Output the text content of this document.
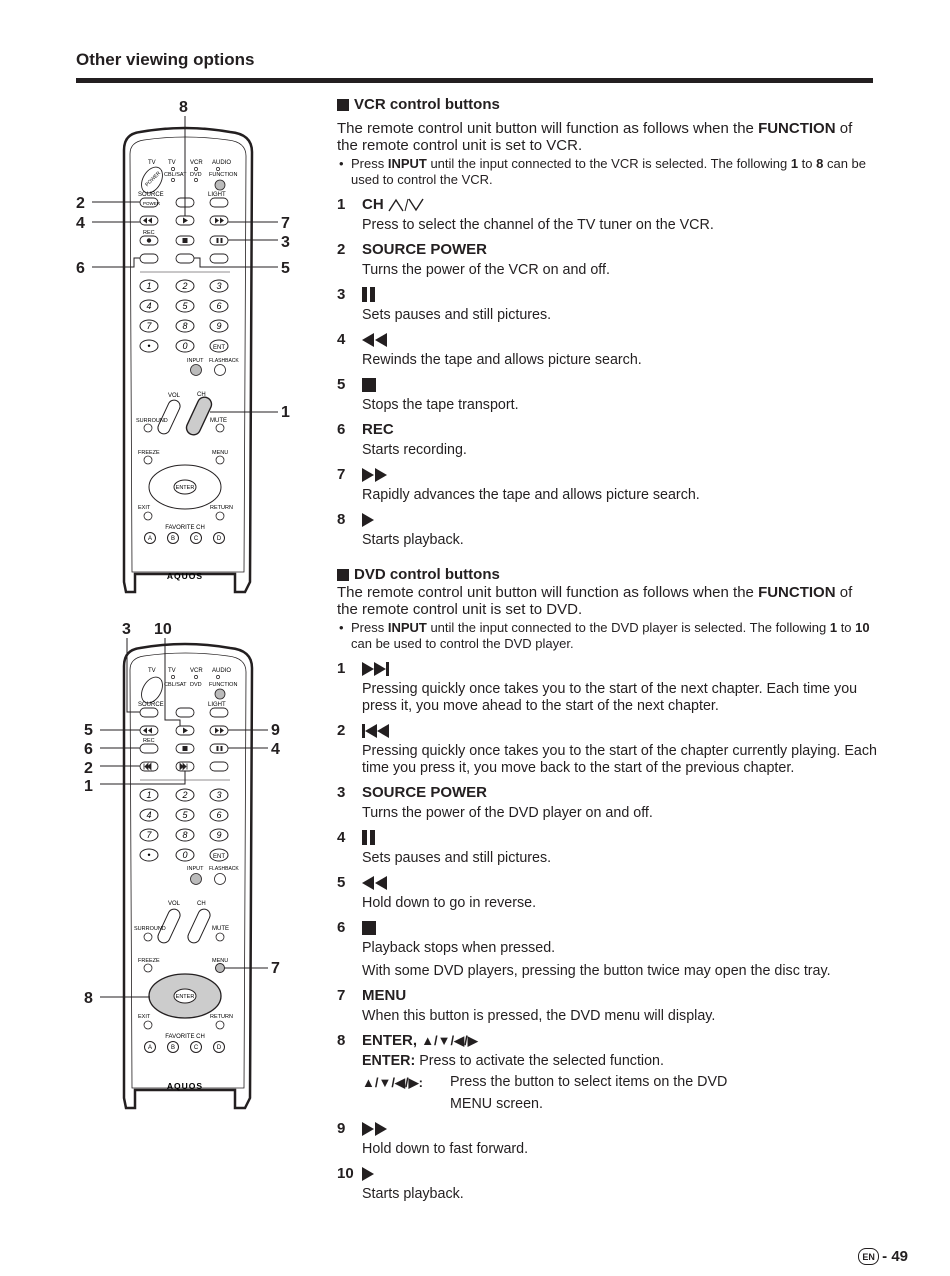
Other viewing options
TV TV VCR AUDIO
CBL/SAT DVD FUNCTION
POWER
SOURCE	LIGHT
POWER
REC
1	2	3
4	5	6
7	8	9
•	0	ENT
INPUT FLASHBACK
VOL	CH
SURROUND	MUTE
FREEZE	MENU
ENTER
EXIT	RETURN
FAVORITE CH
A	B	C	D
AQUOS
8
2
4
6
7
3
5
1
TV TV VCR AUDIO
CBL/SAT DVD FUNCTION
SOURCE	LIGHT
REC
1	2	3
4	5	6
7	8	9
•	0	ENT
INPUT FLASHBACK
VOL	CH
SURROUND	MUTE
FREEZE	MENU
ENTER
EXIT	RETURN
FAVORITE CH
A	B	C	D
AQUOS
3 10
5
6
2
1
9
4
7
8
VCR control buttons
The remote control unit button will function as follows when the FUNCTION of the remote control unit is set to VCR.
• Press INPUT until the input connected to the VCR is selected. The following 1 to 8 can be used to control the VCR.
1	CH

Press to select the channel of the TV tuner on the VCR.
2	SOURCE POWER
Turns the power of the VCR on and off.
3
Sets pauses and still pictures.
4
Rewinds the tape and allows picture search.
5
Stops the tape transport.
6	REC
Starts recording.
7
Rapidly advances the tape and allows picture search.
8
Starts playback.
DVD control buttons
The remote control unit button will function as follows when the FUNCTION of the remote control unit is set to DVD.
• Press INPUT until the input connected to the DVD player is selected. The following 1 to 10 can be used to control the DVD player.
1
Pressing quickly once takes you to the start of the next chapter. Each time you press it, you move ahead to the start of the next chapter.
2
Pressing quickly once takes you to the start of the chapter currently playing. Each time you press it, you move back to the start of the previous chapter.
3	SOURCE POWER
Turns the power of the DVD player on and off.
4
Sets pauses and still pictures.
5
Hold down to go in reverse.
6
Playback stops when pressed.
With some DVD players, pressing the button twice may open the disc tray.
7	MENU
When this button is pressed, the DVD menu will display.
8	ENTER,
▲/▼/◀/▶
ENTER: Press to activate the selected function.
▲/▼/◀/▶:	Press the button to select items on the DVD
MENU screen.
9
Hold down to fast forward.
10
Starts playback.
EN -
49
